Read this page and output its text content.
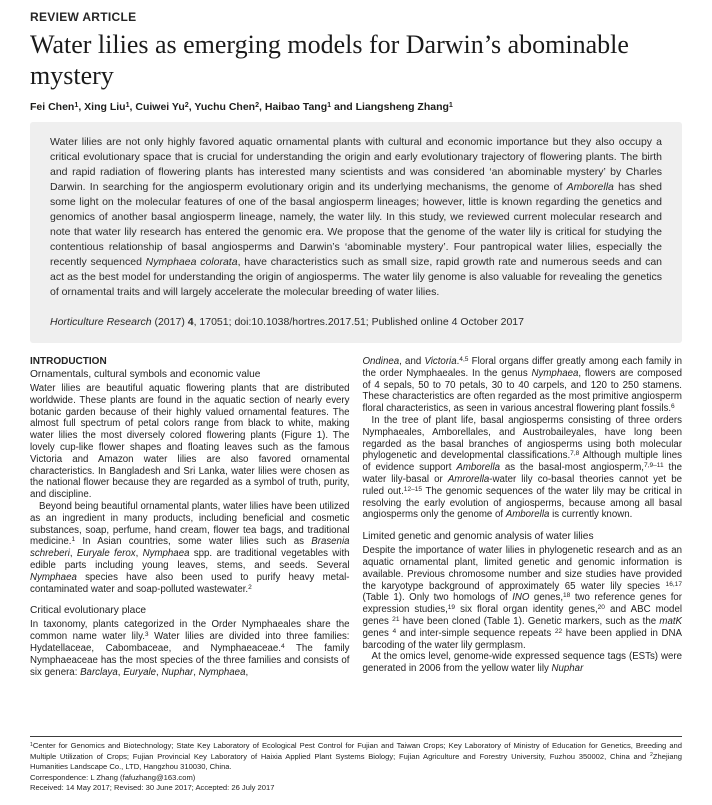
REVIEW ARTICLE
Water lilies as emerging models for Darwin’s abominable mystery
Fei Chen$^1$, Xing Liu$^1$, Cuiwei Yu$^2$, Yuchu Chen$^2$, Haibao Tang$^1$ and Liangsheng Zhang$^1$
Water lilies are not only highly favored aquatic ornamental plants with cultural and economic importance but they also occupy a critical evolutionary space that is crucial for understanding the origin and early evolutionary trajectory of flowering plants. The birth and rapid radiation of flowering plants has interested many scientists and was considered ‘an abominable mystery’ by Charles Darwin. In searching for the angiosperm evolutionary origin and its underlying mechanisms, the genome of Amborella has shed some light on the molecular features of one of the basal angiosperm lineages; however, little is known regarding the genetics and genomics of another basal angiosperm lineage, namely, the water lily. In this study, we reviewed current molecular research and note that water lily research has entered the genomic era. We propose that the genome of the water lily is critical for studying the contentious relationship of basal angiosperms and Darwin’s ‘abominable mystery’. Four pantropical water lilies, especially the recently sequenced Nymphaea colorata, have characteristics such as small size, rapid growth rate and numerous seeds and can act as the best model for understanding the origin of angiosperms. The water lily genome is also valuable for revealing the genetics of ornamental traits and will largely accelerate the molecular breeding of water lilies.
Horticulture Research (2017) 4, 17051; doi:10.1038/hortres.2017.51; Published online 4 October 2017
INTRODUCTION
Ornamentals, cultural symbols and economic value
Water lilies are beautiful aquatic flowering plants that are distributed worldwide. These plants are found in the aquatic section of nearly every botanic garden because of their highly valued ornamental features. The almost full spectrum of petal colors range from black to white, making water lilies the most diversely colored flowering plants (Figure 1). The lovely cup-like flower shapes and floating leaves such as the famous Victoria and Amazon water lilies are also favored ornamental characteristics. In Bangladesh and Sri Lanka, water lilies were chosen as the national flower because they are regarded as a symbol of truth, purity, and discipline.
Beyond being beautiful ornamental plants, water lilies have been utilized as an ingredient in many products, including beneficial and cosmetic substances, soap, perfume, hand cream, flower tea bags, and traditional medicine.$^1$ In Asian countries, some water lilies such as Brasenia schreberi, Euryale ferox, Nymphaea spp. are traditional vegetables with edible parts including young leaves, stems, and seeds. Several Nymphaea species have also been used to purify heavy metal-contaminated water and soap-polluted wastewater.$^2$
Critical evolutionary place
In taxonomy, plants categorized in the Order Nymphaeales share the common name water lily.$^3$ Water lilies are divided into three families: Hydatellaceae, Cabombaceae, and Nymphaeaceae.$^4$ The family Nymphaeaceae has the most species of the three families and consists of six genera: Barclaya, Euryale, Nuphar, Nymphaea,
Ondinea, and Victoria.$^{4,5}$ Floral organs differ greatly among each family in the order Nymphaeales. In the genus Nymphaea, flowers are composed of 4 sepals, 50 to 70 petals, 30 to 40 carpels, and 120 to 250 stamens. These characteristics are often regarded as the most primitive angiosperm floral characteristics, as seen in various ancestral flowering plant fossils.$^6$
In the tree of plant life, basal angiosperms consisting of three orders Nymphaeales, Amborellales, and Austrobaileyales, have long been regarded as the basal branches of angiosperms using both molecular phylogenetic and developmental classifications.$^{7,8}$ Although multiple lines of evidence support Amborella as the basal-most angiosperm,$^{7,9-11}$ the water lily-basal or Amrorella-water lily co-basal theories cannot yet be ruled out.$^{12-15}$ The genomic sequences of the water lily may be critical in resolving the early evolution of angiosperms, because among all basal angiosperms only the genome of Amborella is currently known.
Limited genetic and genomic analysis of water lilies
Despite the importance of water lilies in phylogenetic research and as an aquatic ornamental plant, limited genetic and genomic information is available. Previous chromosome number and size studies have provided the karyotype background of approximately 65 water lily species $^{16,17}$ (Table 1). Only two homologs of INO genes,$^{18}$ two reference genes for expression studies,$^{19}$ six floral organ identity genes,$^{20}$ and ABC model genes $^{21}$ have been cloned (Table 1). Genetic markers, such as the matK genes $^4$ and inter-simple sequence repeats $^{22}$ have been applied in DNA barcoding of the water lily germplasm.
At the omics level, genome-wide expressed sequence tags (ESTs) were generated in 2006 from the yellow water lily Nuphar
$^1$Center for Genomics and Biotechnology; State Key Laboratory of Ecological Pest Control for Fujian and Taiwan Crops; Key Laboratory of Ministry of Education for Genetics, Breeding and Multiple Utilization of Crops; Fujian Provincial Key Laboratory of Haixia Applied Plant Systems Biology; Fujian Agriculture and Forestry University, Fuzhou 350002, China and $^2$Zhejiang Humanities Landscape Co., LTD, Hangzhou 310030, China.
Correspondence: L Zhang (fafuzhang@163.com)
Received: 14 May 2017; Revised: 30 June 2017; Accepted: 26 July 2017
